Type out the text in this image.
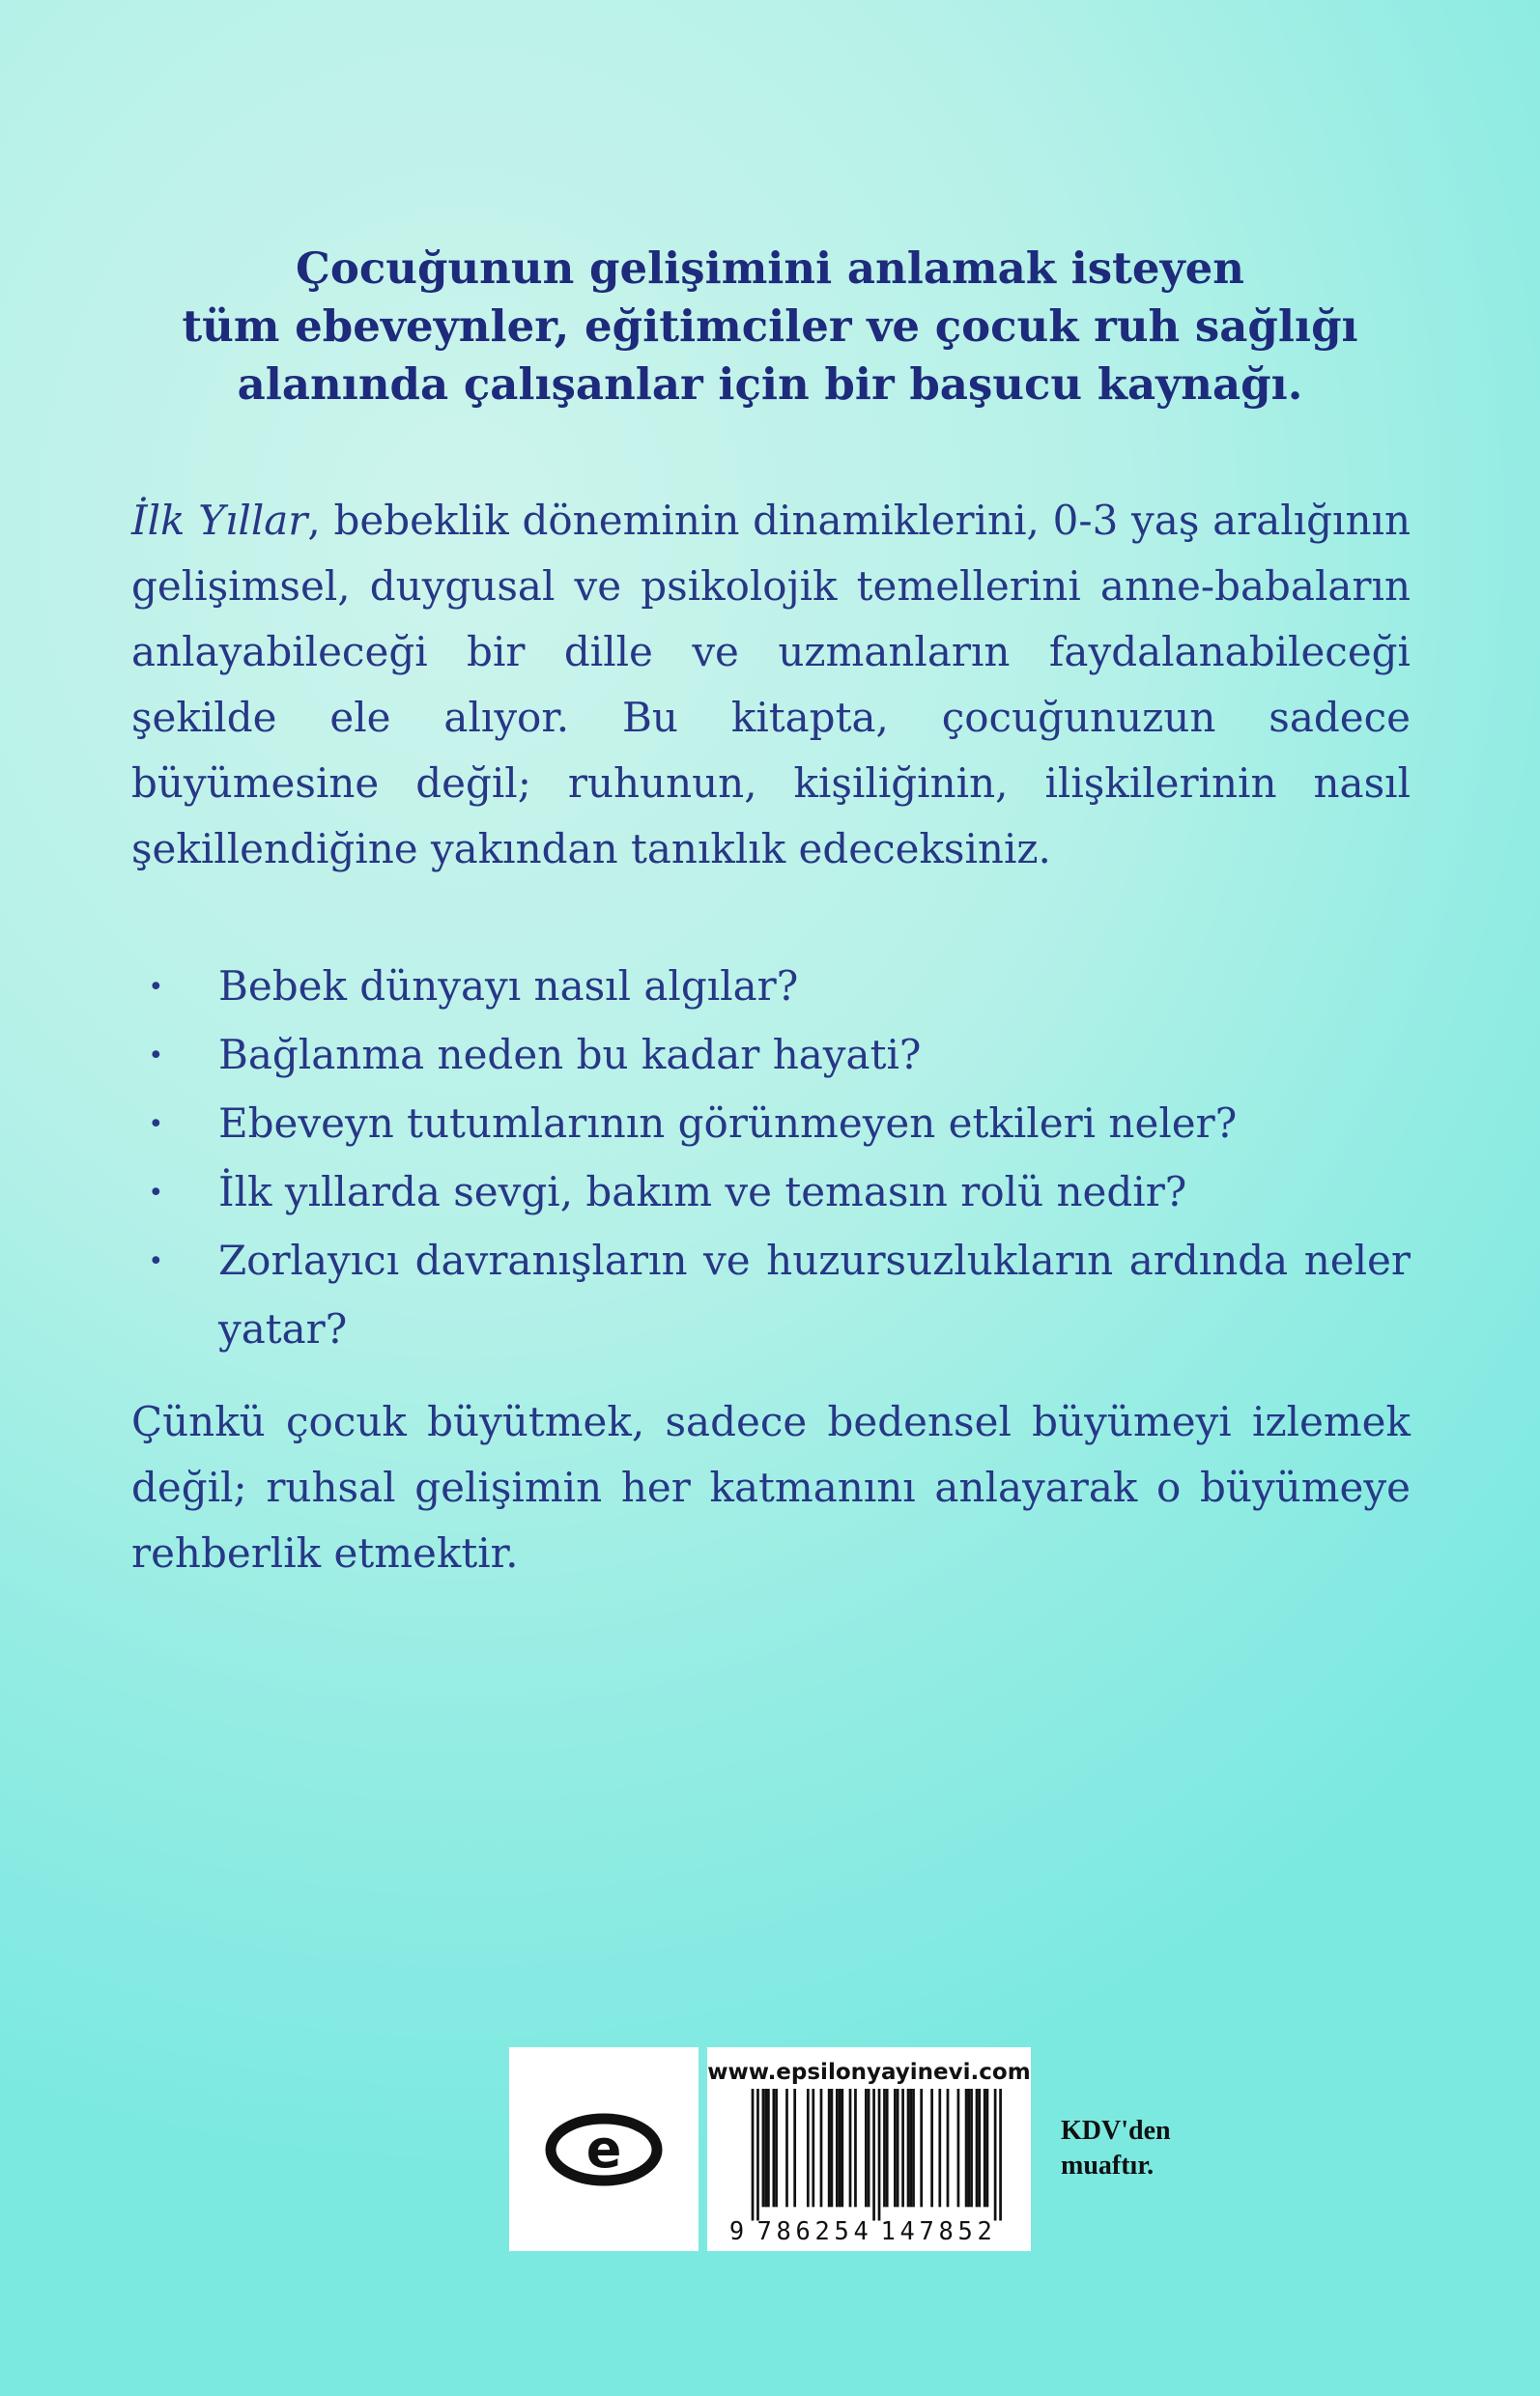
Çocuğunun gelişimini anlamak isteyen
tüm ebeveynler, eğitimciler ve çocuk ruh sağlığı
alanında çalışanlar için bir başucu kaynağı.
İlk Yıllar, bebeklik döneminin dinamiklerini, 0-3 yaş aralığının gelişimsel, duygusal ve psikolojik temellerini anne-babaların anlayabileceği bir dille ve uzmanların faydalanabileceği şekilde ele alıyor. Bu kitapta, çocuğunuzun sadece büyümesine değil; ruhunun, kişiliğinin, ilişkilerinin nasıl şekillendiğine yakından tanıklık edeceksiniz.
·	Bebek dünyayı nasıl algılar?
·	Bağlanma neden bu kadar hayati?
·	Ebeveyn tutumlarının görünmeyen etkileri neler?
·	İlk yıllarda sevgi, bakım ve temasın rolü nedir?
·	Zorlayıcı davranışların ve huzursuzlukların ardında neler yatar?
Çünkü çocuk büyütmek, sadece bedensel büyümeyi izlemek değil; ruhsal gelişimin her katmanını anlayarak o büyümeye rehberlik etmektir.
e
www.epsilonyayinevi.com
9 786254 147852
KDV'den
muaftır.
